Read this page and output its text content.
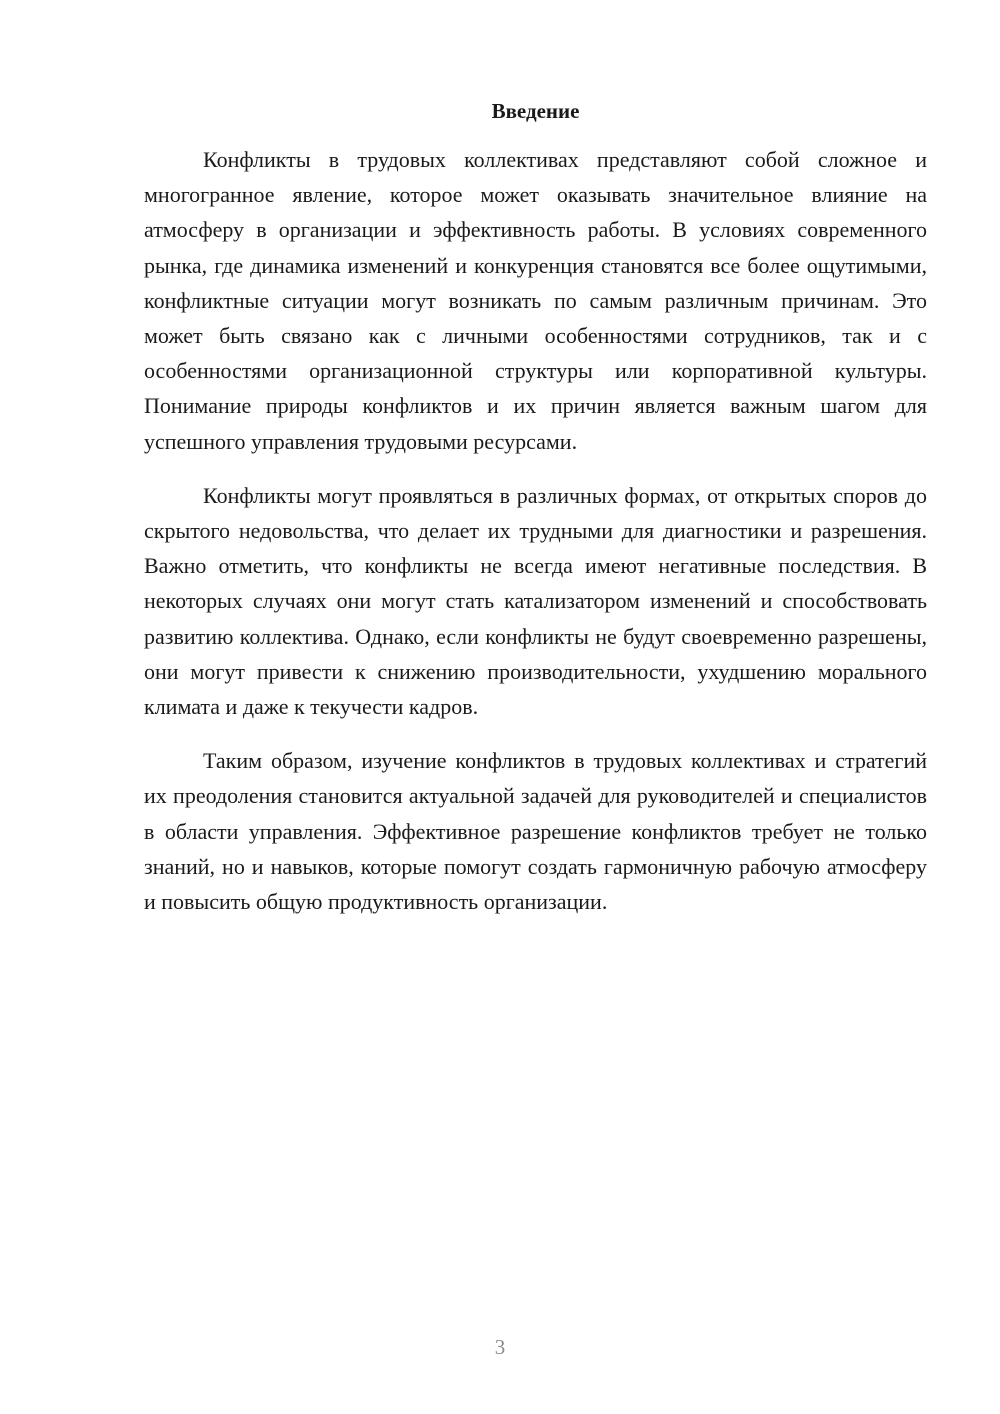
Введение

Конфликты в трудовых коллективах представляют собой сложное и многогранное явление, которое может оказывать значительное влияние на атмосферу в организации и эффективность работы. В условиях современного рынка, где динамика изменений и конкуренция становятся все более ощутимыми, конфликтные ситуации могут возникать по самым различным причинам. Это может быть связано как с личными особенностями сотрудников, так и с особенностями организационной структуры или корпоративной культуры. Понимание природы конфликтов и их причин является важным шагом для успешного управления трудовыми ресурсами.

Конфликты могут проявляться в различных формах, от открытых споров до скрытого недовольства, что делает их трудными для диагностики и разрешения. Важно отметить, что конфликты не всегда имеют негативные последствия. В некоторых случаях они могут стать катализатором изменений и способствовать развитию коллектива. Однако, если конфликты не будут своевременно разрешены, они могут привести к снижению производительности, ухудшению морального климата и даже к текучести кадров.

Таким образом, изучение конфликтов в трудовых коллективах и стратегий их преодоления становится актуальной задачей для руководителей и специалистов в области управления. Эффективное разрешение конфликтов требует не только знаний, но и навыков, которые помогут создать гармоничную рабочую атмосферу и повысить общую продуктивность организации.

3
